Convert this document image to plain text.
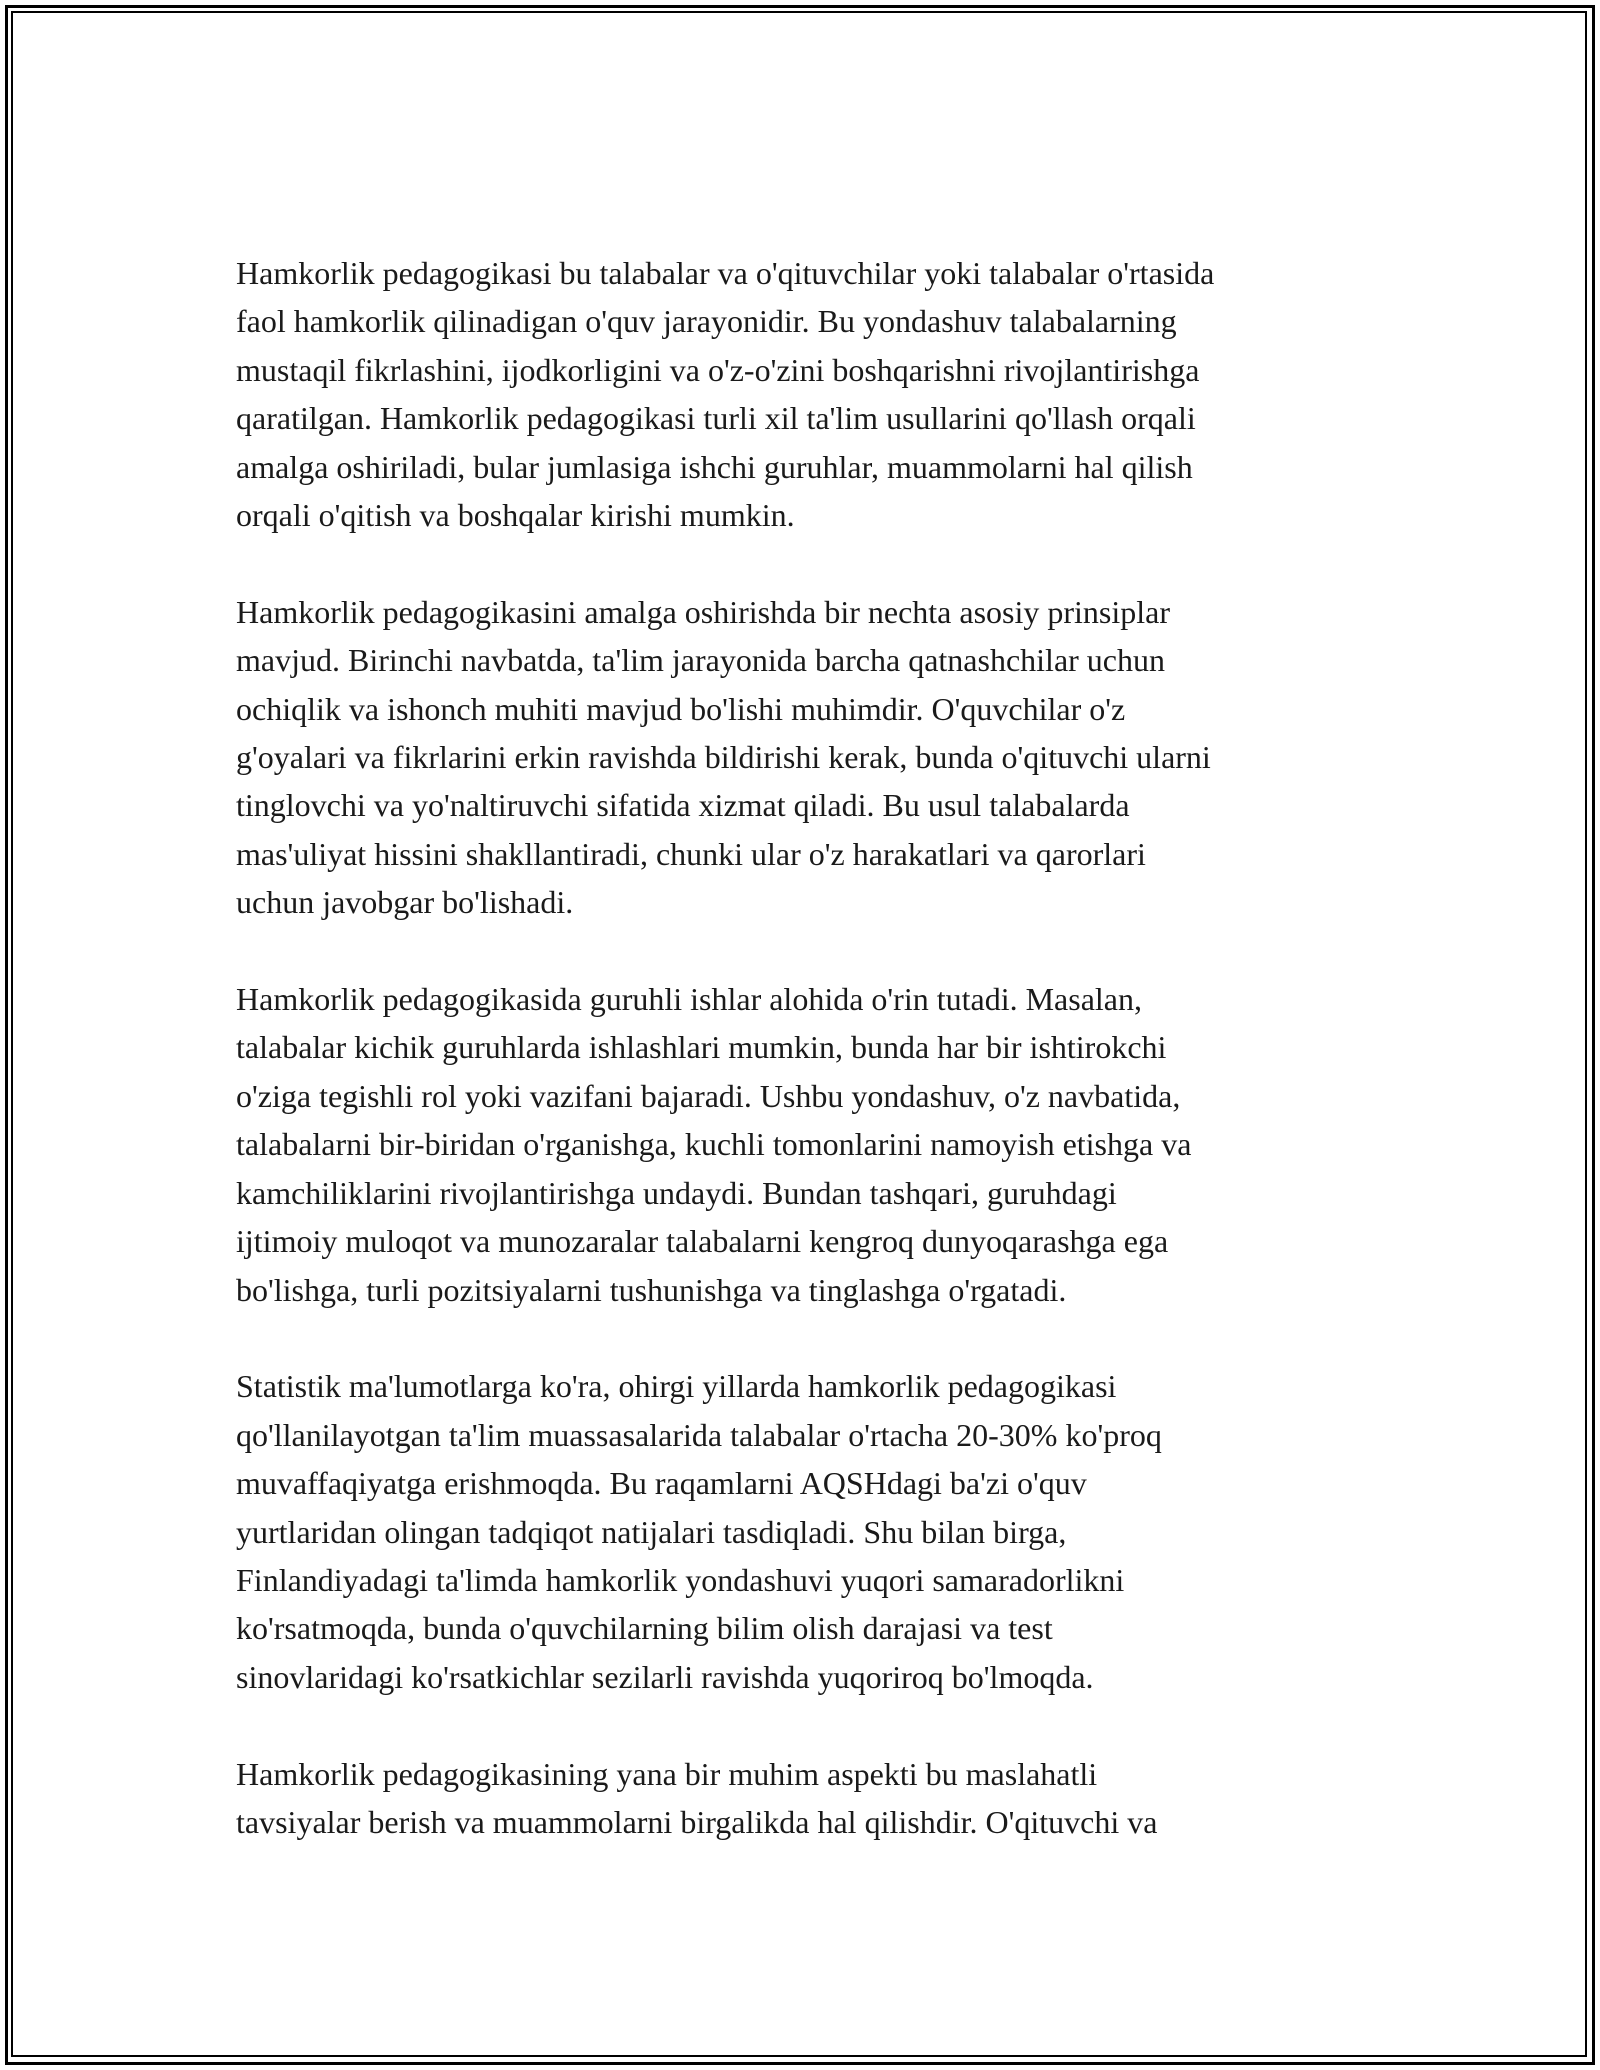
Hamkorlik pedagogikasi bu talabalar va o'qituvchilar yoki talabalar o'rtasida
faol hamkorlik qilinadigan o'quv jarayonidir. Bu yondashuv talabalarning
mustaqil fikrlashini, ijodkorligini va o'z-o'zini boshqarishni rivojlantirishga
qaratilgan. Hamkorlik pedagogikasi turli xil ta'lim usullarini qo'llash orqali
amalga oshiriladi, bular jumlasiga ishchi guruhlar, muammolarni hal qilish
orqali o'qitish va boshqalar kirishi mumkin.

Hamkorlik pedagogikasini amalga oshirishda bir nechta asosiy prinsiplar
mavjud. Birinchi navbatda, ta'lim jarayonida barcha qatnashchilar uchun
ochiqlik va ishonch muhiti mavjud bo'lishi muhimdir. O'quvchilar o'z
g'oyalari va fikrlarini erkin ravishda bildirishi kerak, bunda o'qituvchi ularni
tinglovchi va yo'naltiruvchi sifatida xizmat qiladi. Bu usul talabalarda
mas'uliyat hissini shakllantiradi, chunki ular o'z harakatlari va qarorlari
uchun javobgar bo'lishadi.

Hamkorlik pedagogikasida guruhli ishlar alohida o'rin tutadi. Masalan,
talabalar kichik guruhlarda ishlashlari mumkin, bunda har bir ishtirokchi
o'ziga tegishli rol yoki vazifani bajaradi. Ushbu yondashuv, o'z navbatida,
talabalarni bir-biridan o'rganishga, kuchli tomonlarini namoyish etishga va
kamchiliklarini rivojlantirishga undaydi. Bundan tashqari, guruhdagi
ijtimoiy muloqot va munozaralar talabalarni kengroq dunyoqarashga ega
bo'lishga, turli pozitsiyalarni tushunishga va tinglashga o'rgatadi.

Statistik ma'lumotlarga ko'ra, ohirgi yillarda hamkorlik pedagogikasi
qo'llanilayotgan ta'lim muassasalarida talabalar o'rtacha 20-30% ko'proq
muvaffaqiyatga erishmoqda. Bu raqamlarni AQSHdagi ba'zi o'quv
yurtlaridan olingan tadqiqot natijalari tasdiqladi. Shu bilan birga,
Finlandiyadagi ta'limda hamkorlik yondashuvi yuqori samaradorlikni
ko'rsatmoqda, bunda o'quvchilarning bilim olish darajasi va test
sinovlaridagi ko'rsatkichlar sezilarli ravishda yuqoriroq bo'lmoqda.

Hamkorlik pedagogikasining yana bir muhim aspekti bu maslahatli
tavsiyalar berish va muammolarni birgalikda hal qilishdir. O'qituvchi va
